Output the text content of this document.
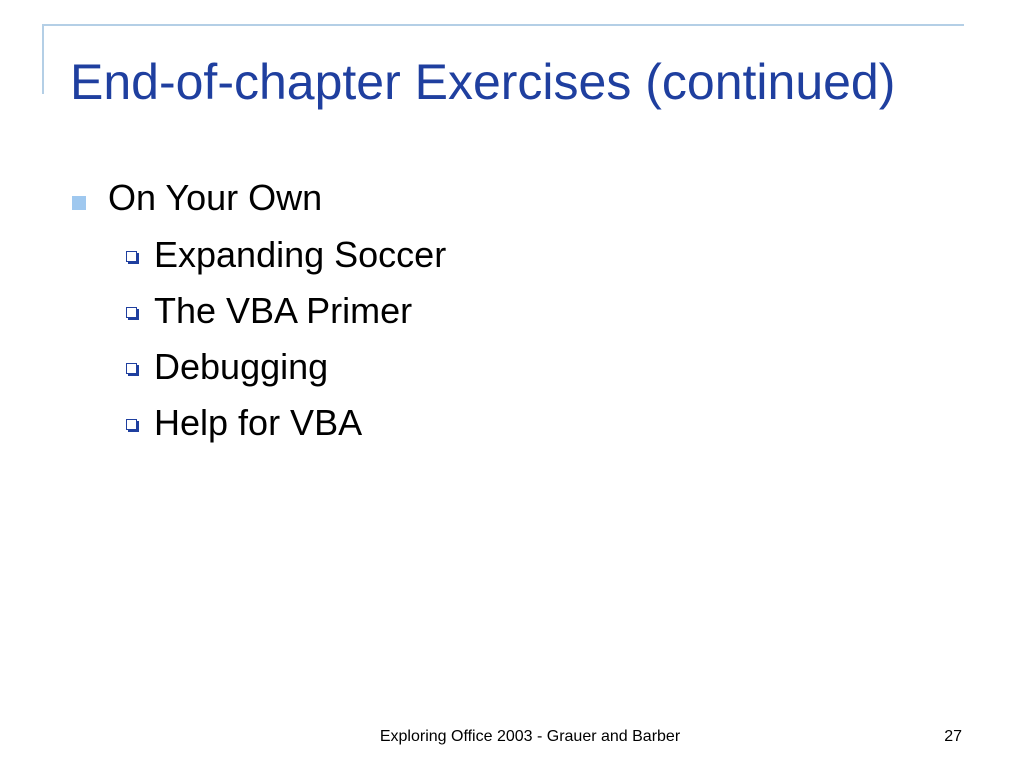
End-of-chapter Exercises (continued)
On Your Own
Expanding Soccer
The VBA Primer
Debugging
Help for VBA
Exploring Office 2003 - Grauer and Barber	27
